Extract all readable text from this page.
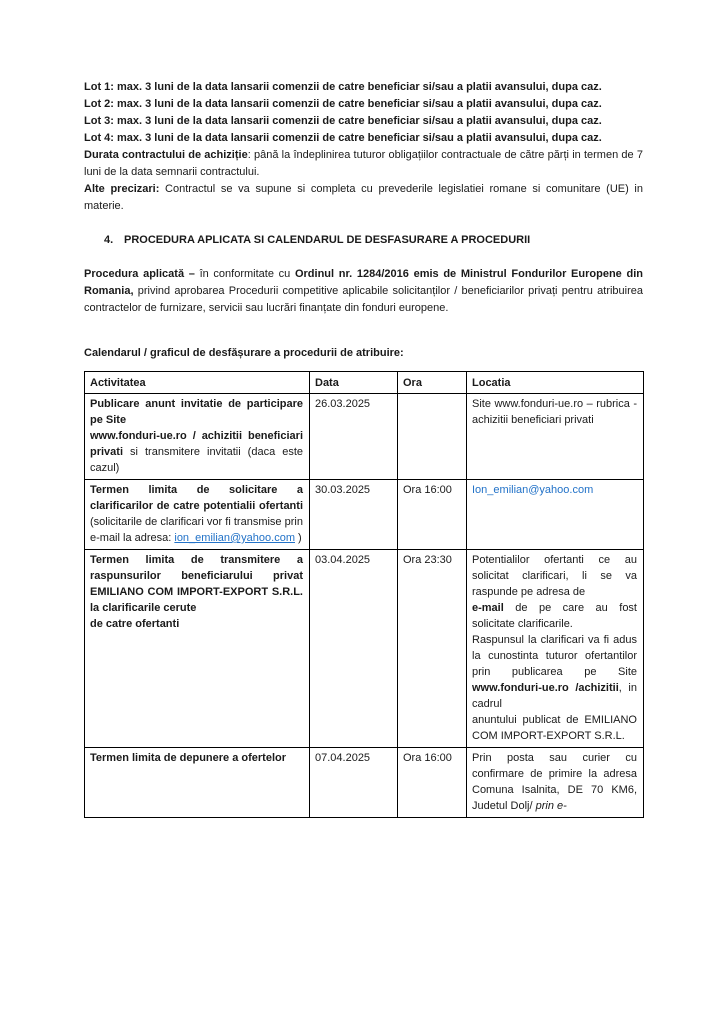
Lot 1: max. 3 luni de la data lansarii comenzii de catre beneficiar si/sau a platii avansului, dupa caz.

Lot 2: max. 3 luni de la data lansarii comenzii de catre beneficiar si/sau a platii avansului, dupa caz.

Lot 3: max. 3 luni de la data lansarii comenzii de catre beneficiar si/sau a platii avansului, dupa caz.

Lot 4: max. 3 luni de la data lansarii comenzii de catre beneficiar si/sau a platii avansului, dupa caz.

Durata contractului de achiziție: până la îndeplinirea tuturor obligațiilor contractuale de către părți in termen de 7 luni de la data semnarii contractului.

Alte precizari: Contractul se va supune si completa cu prevederile legislatiei romane si comunitare (UE) in materie.

4. PROCEDURA APLICATA SI CALENDARUL DE DESFASURARE A PROCEDURII

Procedura aplicată – în conformitate cu Ordinul nr. 1284/2016 emis de Ministrul Fondurilor Europene din Romania, privind aprobarea Procedurii competitive aplicabile solicitanților / beneficiarilor privați pentru atribuirea contractelor de furnizare, servicii sau lucrări finanțate din fonduri europene.

Calendarul / graficul de desfășurare a procedurii de atribuire:

Activitatea	Data	Ora	Locatia

Publicare anunt invitatie de participare pe Site
www.fonduri-ue.ro / achizitii beneficiari privati si transmitere invitatii (daca este cazul)	26.03.2025		Site www.fonduri-ue.ro – rubrica - achizitii beneficiari privati

Termen limita de solicitare a clarificarilor de catre potentialii ofertanti (solicitarile de clarificari vor fi transmise prin e-mail la adresa: ion_emilian@yahoo.com )	30.03.2025	Ora 16:00	Ion_emilian@yahoo.com

Termen limita de transmitere a raspunsurilor beneficiarului privat EMILIANO COM IMPORT-EXPORT S.R.L. la clarificarile cerute
de catre ofertanti	03.04.2025	Ora 23:30	Potentialilor ofertanti ce au solicitat clarificari, li se va raspunde pe adresa de
e-mail de pe care au fost solicitate clarificarile.
Raspunsul la clarificari va fi adus la cunostinta tuturor ofertantilor prin publicarea pe Site www.fonduri-ue.ro /achizitii, in cadrul
anuntului publicat de EMILIANO COM IMPORT-EXPORT S.R.L.

Termen limita de depunere a ofertelor	07.04.2025	Ora 16:00	Prin posta sau curier cu confirmare de primire la adresa Comuna Isalnita, DE 70 KM6, Judetul Dolj/ prin e-
